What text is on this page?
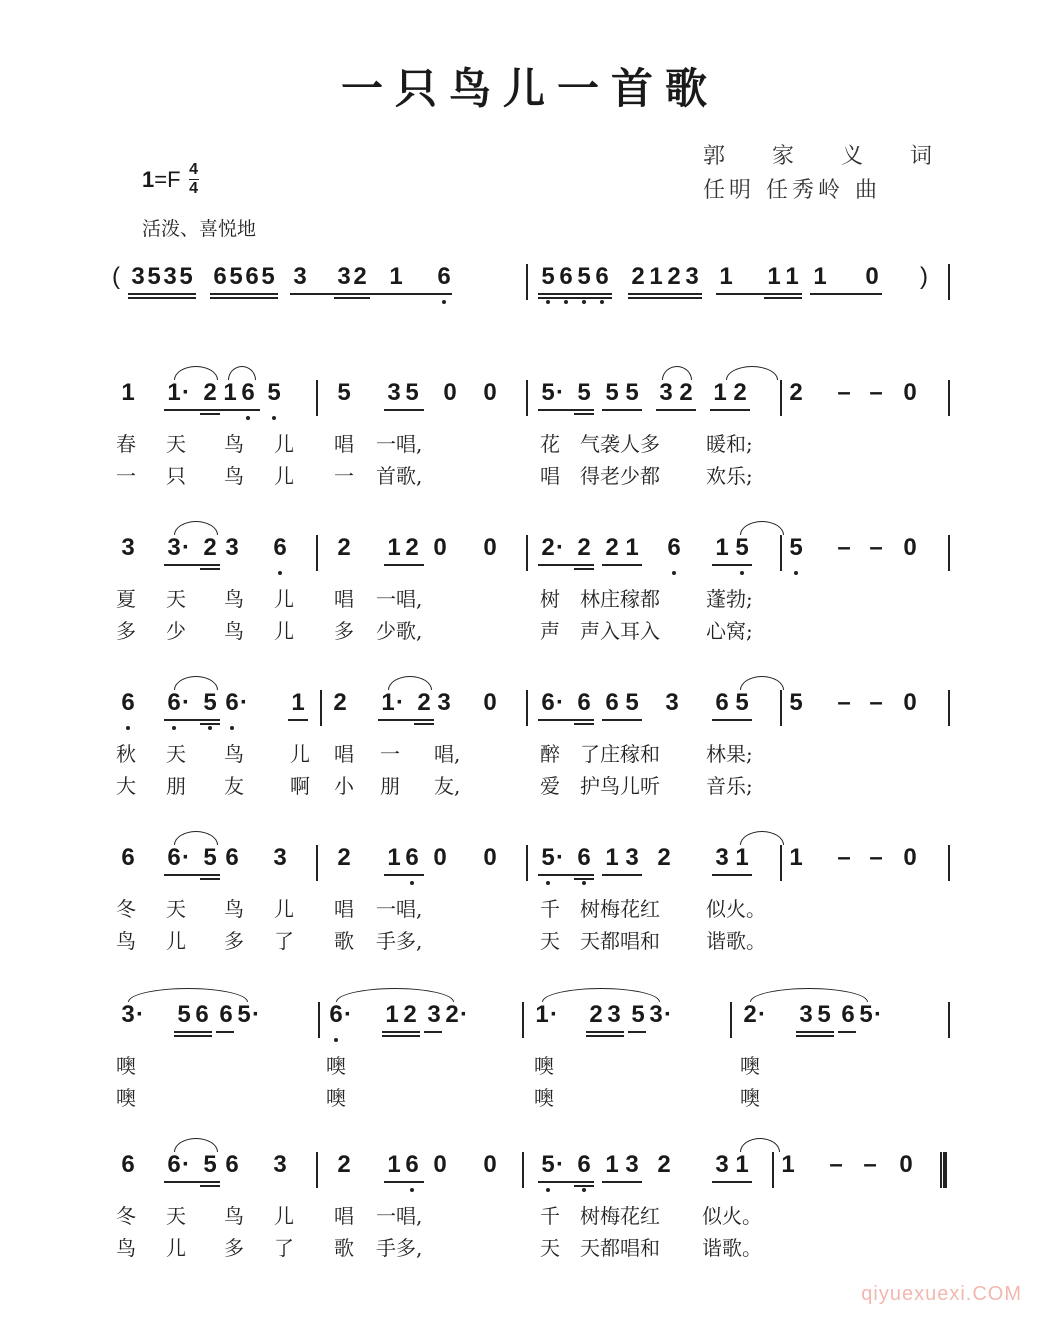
一只鸟儿一首歌
郭 家 义 词
任明 任秀岭 曲
$1=F \frac{4}{4}$
活泼、喜悦地
(	)
3 5 3 5 6 5 6 5 3 3 2 1 6	5 6 5 6 2 1 2 3 1 1 1 1 0
1 1 · 2 1 6 5 5 3 5 0 0 5 · 5 5 5 3 2 1 2 2 – – 0
春 天 鸟 儿 唱 一唱,	花 气袭人多 暖和;
一 只 鸟 儿 一 首歌,	唱 得老少都 欢乐;
3 3 · 2 3 6 2 1 2 0 0 2 · 2 2 1 6 1 5 5 – – 0
夏 天 鸟 儿 唱 一唱,	树 林庄稼都 蓬勃;
多 少 鸟 儿 多 少歌,	声 声入耳入 心窝;
6 6 · 5 6 · 1 2 1 · 2 3 0 6 · 6 6 5 3 6 5 5 – – 0
秋 天 鸟 儿 唱 一 唱,	醉 了庄稼和 林果;
大 朋 友 啊 小 朋 友,	爱 护鸟儿听 音乐;
6 6 · 5 6 3 2 1 6 0 0 5 · 6 1 3 2 3 1 1 – – 0
冬 天 鸟 儿 唱 一唱,	千 树梅花红 似火。
鸟 儿 多 了 歌 手多,	天 天都唱和 谐歌。
3 · 5 6 6 5 ·	6 · 1 2 3 2 ·	1 · 2 3 5 3 ·	2 · 3 5 6 5 ·
噢	噢	噢	噢
噢	噢	噢	噢
6 6 · 5 6 3 2 1 6 0 0 5 · 6 1 3 2 3 1 1 – – 0
冬 天 鸟 儿 唱 一唱,	千 树梅花红 似火。
鸟 儿 多 了 歌 手多,	天 天都唱和 谐歌。
qiyuexuexi.COM
